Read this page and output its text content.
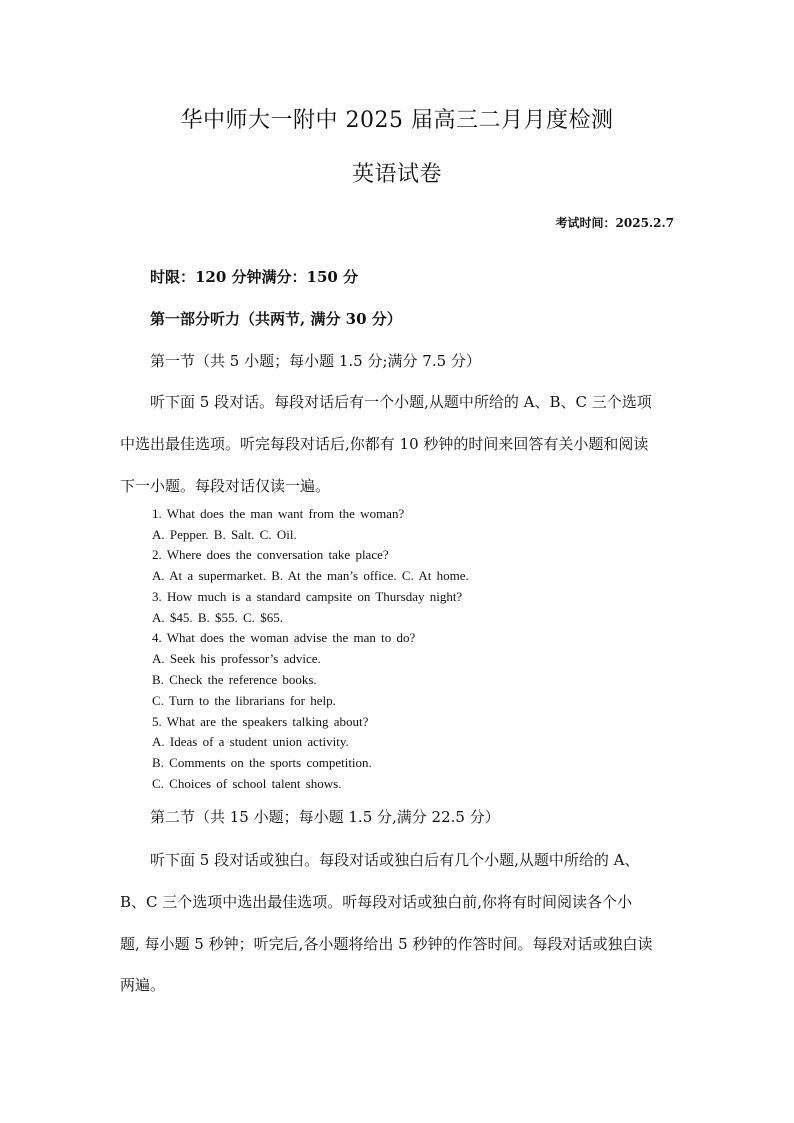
华中师大一附中 2025 届高三二月月度检测
英语试卷
考试时间：2025.2.7
时限：120 分钟满分：150 分
第一部分听力（共两节, 满分 30 分）
第一节（共 5 小题；每小题 1.5 分;满分 7.5 分）
听下面 5 段对话。每段对话后有一个小题,从题中所给的 A、B、C 三个选项
中选出最佳选项。听完每段对话后,你都有 10 秒钟的时间来回答有关小题和阅读
下一小题。每段对话仅读一遍。
1. What does the man want from the woman?
A. Pepper. B. Salt. C. Oil.
2. Where does the conversation take place?
A. At a supermarket. B. At the man’s office. C. At home.
3. How much is a standard campsite on Thursday night?
A. $45. B. $55. C. $65.
4. What does the woman advise the man to do?
A. Seek his professor’s advice.
B. Check the reference books.
C. Turn to the librarians for help.
5. What are the speakers talking about?
A. Ideas of a student union activity.
B. Comments on the sports competition.
C. Choices of school talent shows.
第二节（共 15 小题；每小题 1.5 分,满分 22.5 分）
听下面 5 段对话或独白。每段对话或独白后有几个小题,从题中所给的 A、
B、C 三个选项中选出最佳选项。听每段对话或独白前,你将有时间阅读各个小
题, 每小题 5 秒钟；听完后,各小题将给出 5 秒钟的作答时间。每段对话或独白读
两遍。
